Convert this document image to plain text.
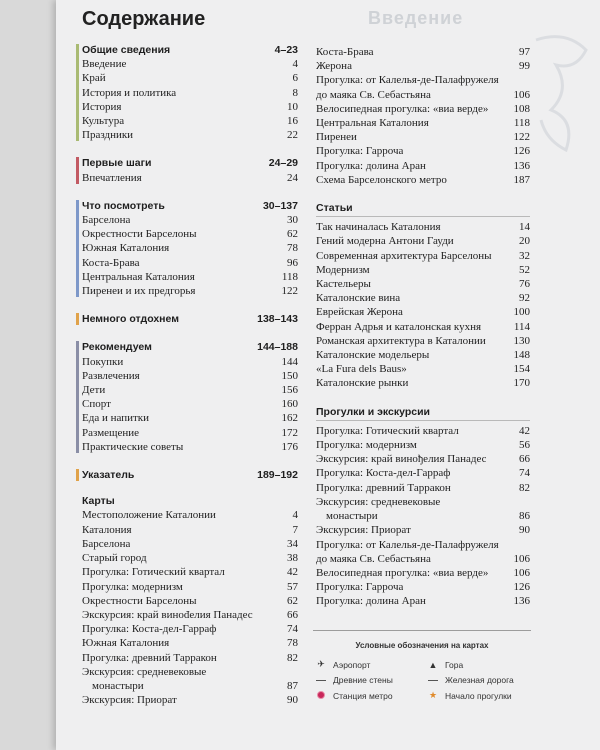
Содержание	Введение
Общие сведения	4–23
Введение	4
Край	6
История и политика	8
История	10
Культура	16
Праздники	22
Первые шаги	24–29
Впечатления	24
Что посмотреть	30–137
Барселона	30
Окрестности Барселоны	62
Южная Каталония	78
Коста-Брава	96
Центральная Каталония	118
Пиренеи и их предгорья	122
Немного отдохнем	138–143
Рекомендуем	144–188
Покупки	144
Развлечения	150
Дети	156
Спорт	160
Еда и напитки	162
Размещение	172
Практические советы	176
Указатель	189–192
Карты
Местоположение Каталонии	4
Каталония	7
Барселона	34
Старый город	38
Прогулка: Готический квартал	42
Прогулка: модернизм	57
Окрестности Барселоны	62
Экскурсия: край винođелия Панадес	66
Прогулка: Коста-дел-Гарраф	74
Южная Каталония	78
Прогулка: древний Тарракон	82
Экскурсия: средневековые
монастыри	87
Экскурсия: Приорат	90
Коста-Брава	97
Жерона	99
Прогулка: от Калелья-де-Палафружеля
до маяка Св. Себастьяна	106
Велосипедная прогулка: «виа верде»	108
Центральная Каталония	118
Пиренеи	122
Прогулка: Гарроча	126
Прогулка: долина Аран	136
Схема Барселонского метро	187
Статьи
Так начиналась Каталония	14
Гений модерна Антони Гауди	20
Современная архитектура Барселоны	32
Модернизм	52
Кастельеры	76
Каталонские вина	92
Еврейская Жерона	100
Ферран Адрья и каталонская кухня	114
Романская архитектура в Каталонии	130
Каталонские модельеры	148
«La Fura dels Baus»	154
Каталонские рынки	170
Прогулки и экскурсии
Прогулка: Готический квартал	42
Прогулка: модернизм	56
Экскурсия: край винођелия Панадес	66
Прогулка: Коста-дел-Гарраф	74
Прогулка: древний Тарракон	82
Экскурсия: средневековые
монастыри	86
Экскурсия: Приорат	90
Прогулка: от Калелья-де-Палафружеля
до маяка Св. Себастьяна	106
Велосипедная прогулка: «виа верде»	106
Прогулка: Гарроча	126
Прогулка: долина Аран	136
Условные обозначения на картах
✈ Аэропорт	▲ Гора
Древние стены	Железная дорога
Станция метро	★ Начало прогулки
